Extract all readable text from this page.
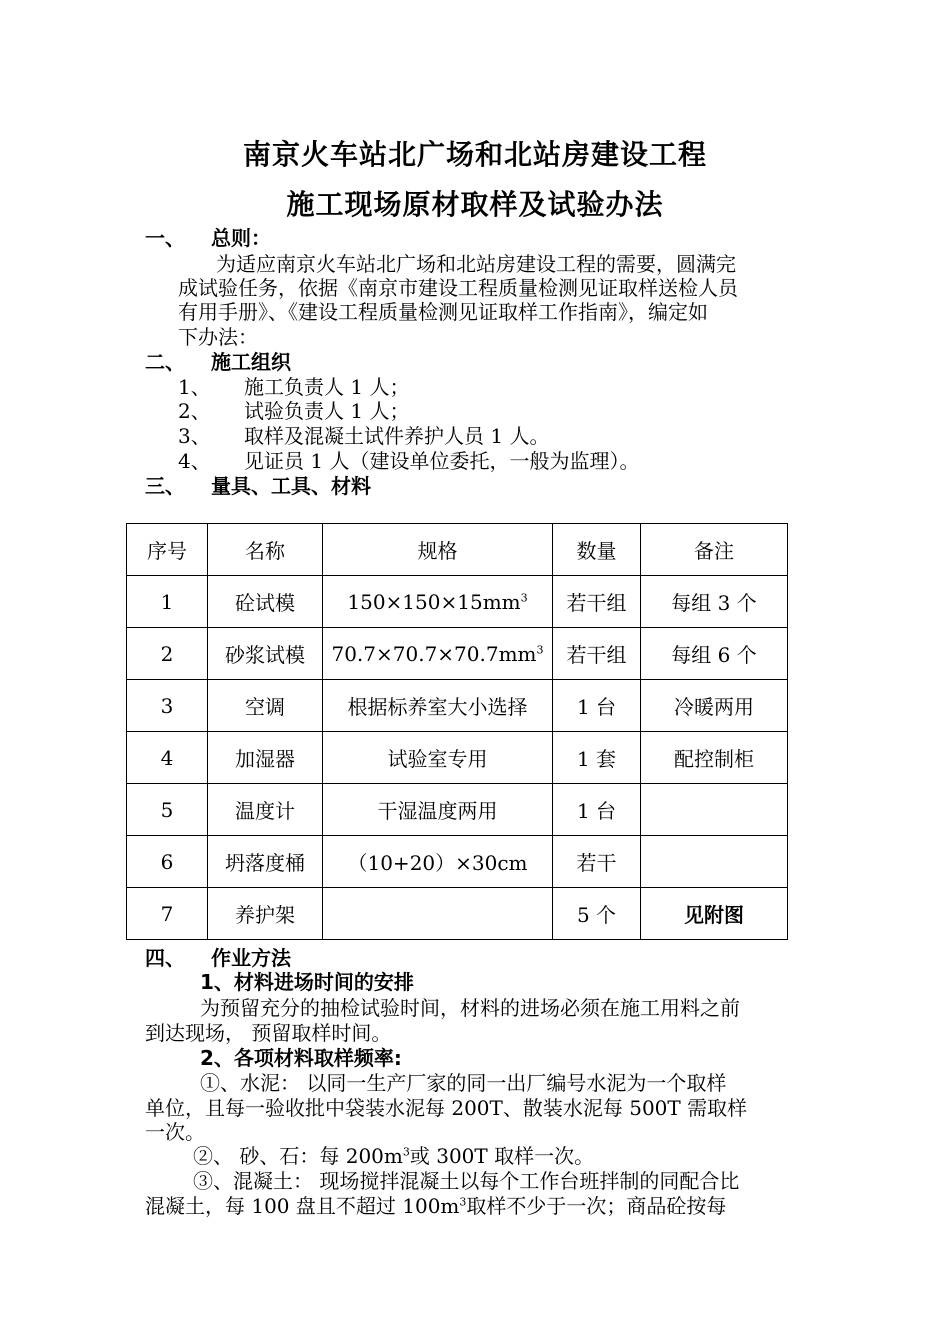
南京火车站北广场和北站房建设工程
施工现场原材取样及试验办法
一、 总则：
为适应南京火车站北广场和北站房建设工程的需要，圆满完
成试验任务，依据《南京市建设工程质量检测见证取样送检人员
有用手册》、《建设工程质量检测见证取样工作指南》，编定如
下办法：
二、 施工组织
1、 施工负责人 1 人；
2、 试验负责人 1 人；
3、 取样及混凝土试件养护人员 1 人。
4、 见证员 1 人（建设单位委托，一般为监理）。
三、 量具、工具、材料
序号	名称	规格	数量	备注
1	砼试模	$150\times 150\times 15mm^3$	若干组	每组 3 个
2	砂浆试模	$70.7\times 70.7\times 70.7mm^3$	若干组	每组 6 个
3	空调	根据标养室大小选择	1 台	冷暖两用
4	加湿器	试验室专用	1 套	配控制柜
5	温度计	干湿温度两用	1 台	
6	坍落度桶	（10+20）×30cm	若干	
7	养护架		5 个	见附图
四、 作业方法
1、材料进场时间的安排
为预留充分的抽检试验时间，材料的进场必须在施工用料之前
到达现场， 预留取样时间。
2、各项材料取样频率:
①、水泥： 以同一生产厂家的同一出厂编号水泥为一个取样
单位，且每一验收批中袋装水泥每 200T、散装水泥每 500T 需取样
一次。
②、 砂、石：每 $200m^3$或 300T 取样一次。
③、混凝土： 现场搅拌混凝土以每个工作台班拌制的同配合比
混凝土，每 100 盘且不超过 $100m^3$取样不少于一次；商品砼按每
